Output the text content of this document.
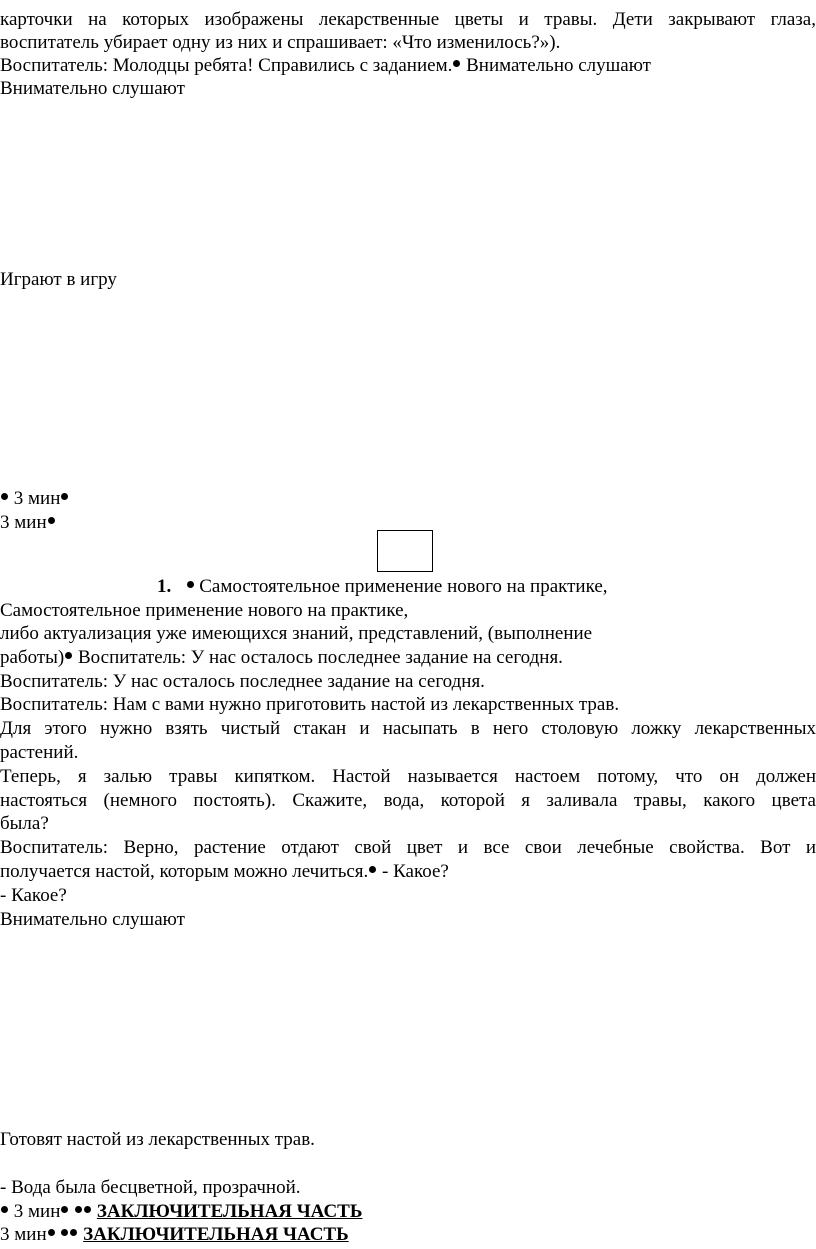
карточки на которых изображены лекарственные цветы и травы. Дети закрывают глаза,
воспитатель убирает одну из них и спрашивает: «Что изменилось?»).
Воспитатель: Молодцы ребята! Справились с заданием. Внимательно слушают
Внимательно слушают
Играют в игру
3 мин
3 мин
1.    Самостоятельное применение нового на практике,
Самостоятельное применение нового на практике,
либо актуализация уже имеющихся знаний, представлений, (выполнение
работы) Воспитатель: У нас осталось последнее задание на сегодня.
Воспитатель: У нас осталось последнее задание на сегодня.
Воспитатель: Нам с вами нужно приготовить настой из лекарственных трав.
Для этого нужно взять чистый стакан и насыпать в него столовую ложку лекарственных
растений.
Теперь, я залью травы кипятком. Настой называется настоем потому, что он должен
настояться (немного постоять). Скажите, вода, которой я заливала травы, какого цвета
была?
Воспитатель: Верно, растение отдают свой цвет и все свои лечебные свойства. Вот и
получается настой, которым можно лечиться. - Какое?
- Какое?
Внимательно слушают
Готовят настой из лекарственных трав.
- Вода была бесцветной, прозрачной.
3 мин ЗАКЛЮЧИТЕЛЬНАЯ ЧАСТЬ
3 мин ЗАКЛЮЧИТЕЛЬНАЯ ЧАСТЬ
